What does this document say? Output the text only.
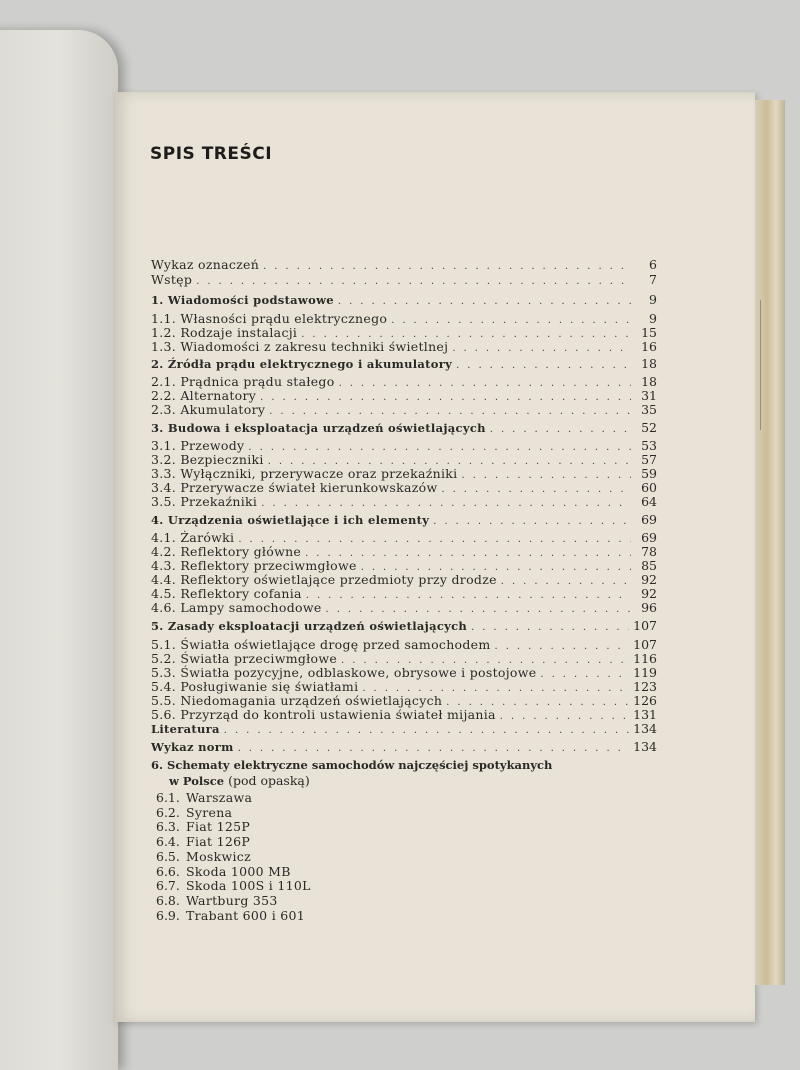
SPIS TREŚCI
Wykaz oznaczeń .....	6
Wstęp .....	7
1. Wiadomości podstawowe .....	9
1.1. Własności prądu elektrycznego .....	9
1.2. Rodzaje instalacji .....	15
1.3. Wiadomości z zakresu techniki świetlnej .....	16
2. Źródła prądu elektrycznego i akumulatory .....	18
2.1. Prądnica prądu stałego .....	18
2.2. Alternatory .....	31
2.3. Akumulatory .....	35
3. Budowa i eksploatacja urządzeń oświetlających .....	52
3.1. Przewody .....	53
3.2. Bezpieczniki .....	57
3.3. Wyłączniki, przerywacze oraz przekaźniki .....	59
3.4. Przerywacze świateł kierunkowskazów .....	60
3.5. Przekaźniki .....	64
4. Urządzenia oświetlające i ich elementy .....	69
4.1. Żarówki .....	69
4.2. Reflektory główne .....	78
4.3. Reflektory przeciwmgłowe .....	85
4.4. Reflektory oświetlające przedmioty przy drodze .....	92
4.5. Reflektory cofania .....	92
4.6. Lampy samochodowe .....	96
5. Zasady eksploatacji urządzeń oświetlających .....	107
5.1. Światła oświetlające drogę przed samochodem .....	107
5.2. Światła przeciwmgłowe .....	116
5.3. Światła pozycyjne, odblaskowe, obrysowe i postojowe .....	119
5.4. Posługiwanie się światłami .....	123
5.5. Niedomagania urządzeń oświetlających .....	126
5.6. Przyrząd do kontroli ustawienia świateł mijania .....	131
Literatura .....	134
Wykaz norm .....	134
6. Schematy elektryczne samochodów najczęściej spotykanych
w Polsce (pod opaską)
6.1. Warszawa
6.2. Syrena
6.3. Fiat 125P
6.4. Fiat 126P
6.5. Moskwicz
6.6. Skoda 1000 MB
6.7. Skoda 100S i 110L
6.8. Wartburg 353
6.9. Trabant 600 i 601
